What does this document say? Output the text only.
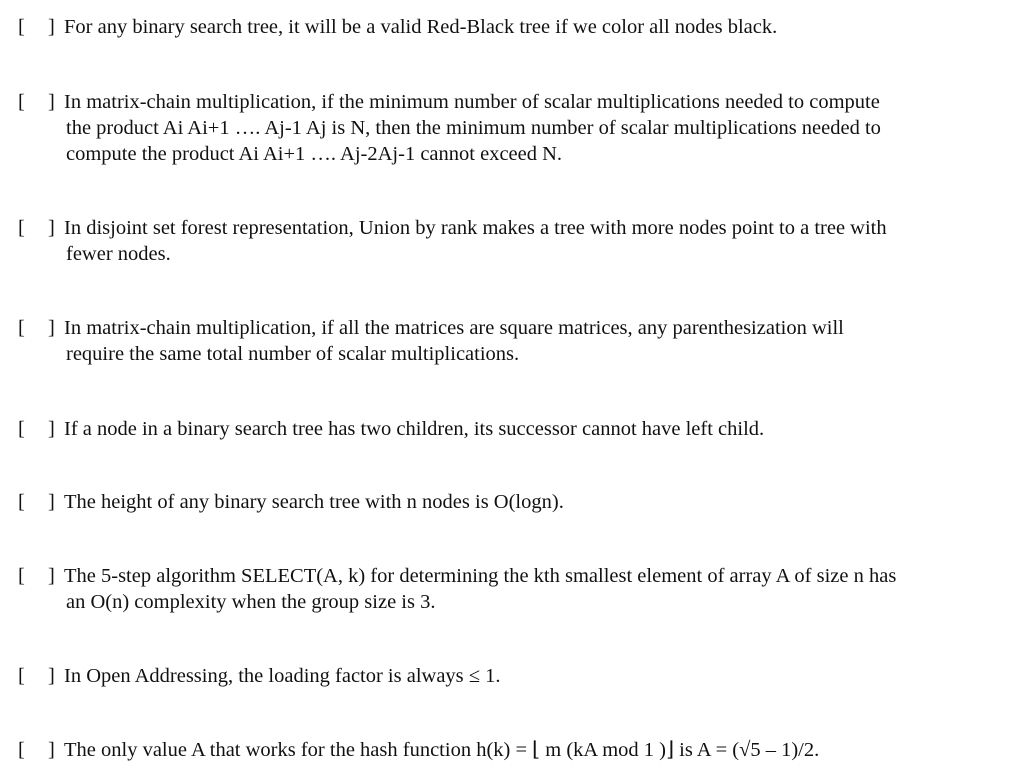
[ ] For any binary search tree, it will be a valid Red-Black tree if we color all nodes black.
[ ] In matrix-chain multiplication, if the minimum number of scalar multiplications needed to compute
the product Ai Ai+1 …. Aj-1 Aj is N, then the minimum number of scalar multiplications needed to
compute the product Ai Ai+1 …. Aj-2Aj-1 cannot exceed N.
[ ] In disjoint set forest representation, Union by rank makes a tree with more nodes point to a tree with
fewer nodes.
[ ] In matrix-chain multiplication, if all the matrices are square matrices, any parenthesization will
require the same total number of scalar multiplications.
[ ] If a node in a binary search tree has two children, its successor cannot have left child.
[ ] The height of any binary search tree with n nodes is O(logn).
[ ] The 5-step algorithm SELECT(A, k) for determining the kth smallest element of array A of size n has
an O(n) complexity when the group size is 3.
[ ] In Open Addressing, the loading factor is always ≤ 1.
[ ] The only value A that works for the hash function h(k) = ⌊ m (kA mod 1 )⌋ is A = (√5 – 1)/2.
